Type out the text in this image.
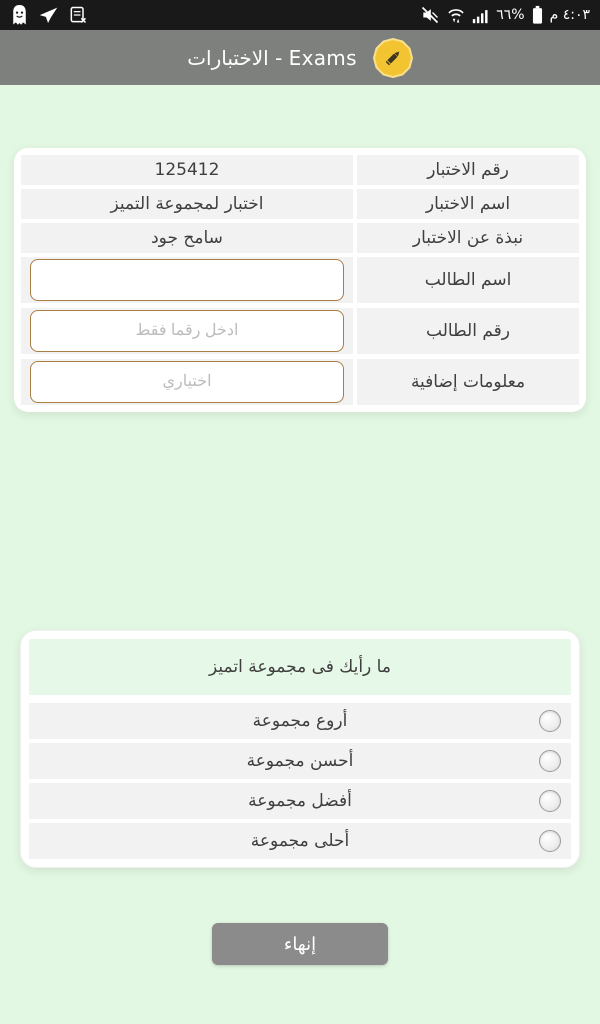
٦٦% ٤:٠٣ م
الاختبارات - Exams
رقم الاختبار
125412
اسم الاختبار
اختبار لمجموعة التميز
نبذة عن الاختبار
سامح جود
اسم الطالب
رقم الطالب
ادخل رقما فقط
معلومات إضافية
اختياري
ما رأيك فى مجموعة اتميز
أروع مجموعة
أحسن مجموعة
أفضل مجموعة
أحلى مجموعة
إنهاء
